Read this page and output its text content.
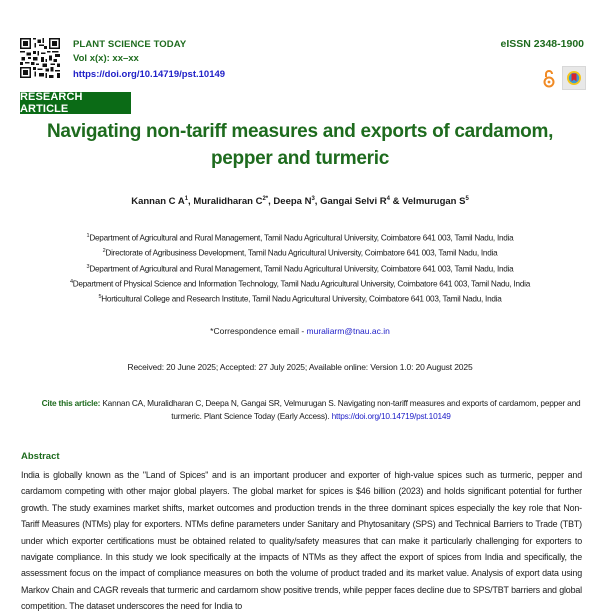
PLANT SCIENCE TODAY
Vol x(x): xx–xx
https://doi.org/10.14719/pst.10149
eISSN 2348-1900
RESEARCH ARTICLE
Navigating non-tariff measures and exports of cardamom, pepper and turmeric
Kannan C $A^1$, Muralidharan $C^{2*}$, Deepa $N^3$, Gangai Selvi $R^4$ & Velmurugan $S^5$
$^1$Department of Agricultural and Rural Management, Tamil Nadu Agricultural University, Coimbatore 641 003, Tamil Nadu, India
$^2$Directorate of Agribusiness Development, Tamil Nadu Agricultural University, Coimbatore 641 003, Tamil Nadu, India
$^3$Department of Agricultural and Rural Management, Tamil Nadu Agricultural University, Coimbatore 641 003, Tamil Nadu, India
$^4$Department of Physical Science and Information Technology, Tamil Nadu Agricultural University, Coimbatore 641 003, Tamil Nadu, India
$^5$Horticultural College and Research Institute, Tamil Nadu Agricultural University, Coimbatore 641 003, Tamil Nadu, India
*Correspondence email - muraliarm@tnau.ac.in
Received: 20 June 2025; Accepted: 27 July 2025; Available online: Version 1.0: 20 August 2025
Cite this article: Kannan CA, Muralidharan C, Deepa N, Gangai SR, Velmurugan S. Navigating non-tariff measures and exports of cardamom, pepper and turmeric. Plant Science Today (Early Access). https://doi.org/10.14719/pst.10149
Abstract
India is globally known as the "Land of Spices" and is an important producer and exporter of high-value spices such as turmeric, pepper and cardamom competing with other major global players. The global market for spices is $46 billion (2023) and holds significant potential for further growth. The study examines market shifts, market outcomes and production trends in the three dominant spices especially the key role that Non-Tariff Measures (NTMs) play for exporters. NTMs define parameters under Sanitary and Phytosanitary (SPS) and Technical Barriers to Trade (TBT) under which exporter certifications must be obtained related to quality/safety measures that can make it particularly challenging for exporters to navigate compliance. In this study we look specifically at the impacts of NTMs as they affect the export of spices from India and specifically, the assessment focus on the impact of compliance measures on both the volume of product traded and its market value. Analysis of export data using Markov Chain and CAGR reveals that turmeric and cardamom show positive trends, while pepper faces decline due to SPS/TBT barriers and global competition. The dataset underscores the need for India to
